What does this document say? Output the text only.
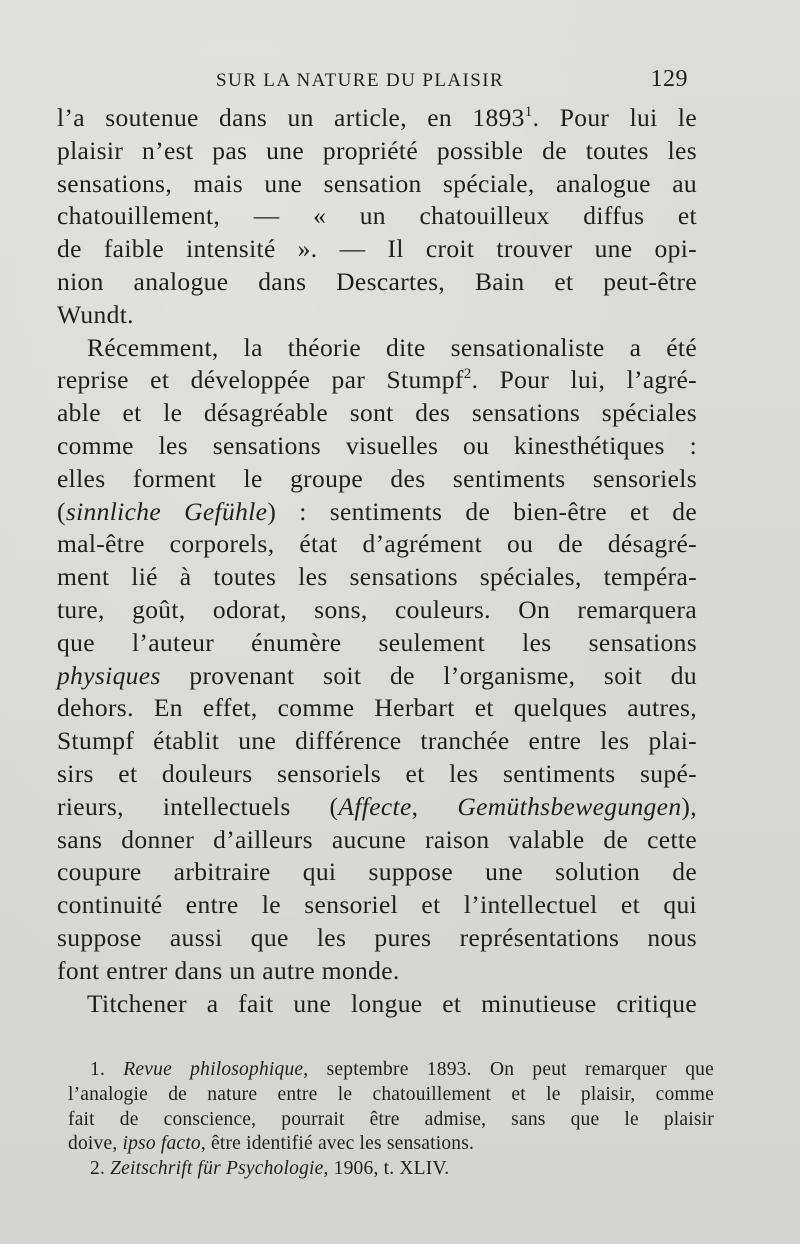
SUR LA NATURE DU PLAISIR	129
l’a soutenue dans un article, en 1893$^1$. Pour lui le
plaisir n’est pas une propriété possible de toutes les
sensations, mais une sensation spéciale, analogue au
chatouillement, — « un chatouilleux diffus et
de faible intensité ». — Il croit trouver une opi-
nion analogue dans Descartes, Bain et peut-être
Wundt.
Récemment, la théorie dite sensationaliste a été
reprise et développée par Stumpf$^2$. Pour lui, l’agré-
able et le désagréable sont des sensations spéciales
comme les sensations visuelles ou kinesthétiques :
elles forment le groupe des sentiments sensoriels
(sinnliche Gefühle) : sentiments de bien-être et de
mal-être corporels, état d’agrément ou de désagré-
ment lié à toutes les sensations spéciales, tempéra-
ture, goût, odorat, sons, couleurs. On remarquera
que l’auteur énumère seulement les sensations
physiques provenant soit de l’organisme, soit du
dehors. En effet, comme Herbart et quelques autres,
Stumpf établit une différence tranchée entre les plai-
sirs et douleurs sensoriels et les sentiments supé-
rieurs, intellectuels (Affecte, Gemüthsbewegungen),
sans donner d’ailleurs aucune raison valable de cette
coupure arbitraire qui suppose une solution de
continuité entre le sensoriel et l’intellectuel et qui
suppose aussi que les pures représentations nous
font entrer dans un autre monde.
Titchener a fait une longue et minutieuse critique
1. Revue philosophique, septembre 1893. On peut remarquer que
l’analogie de nature entre le chatouillement et le plaisir, comme
fait de conscience, pourrait être admise, sans que le plaisir
doive, ipso facto, être identifié avec les sensations.
2. Zeitschrift für Psychologie, 1906, t. XLIV.
